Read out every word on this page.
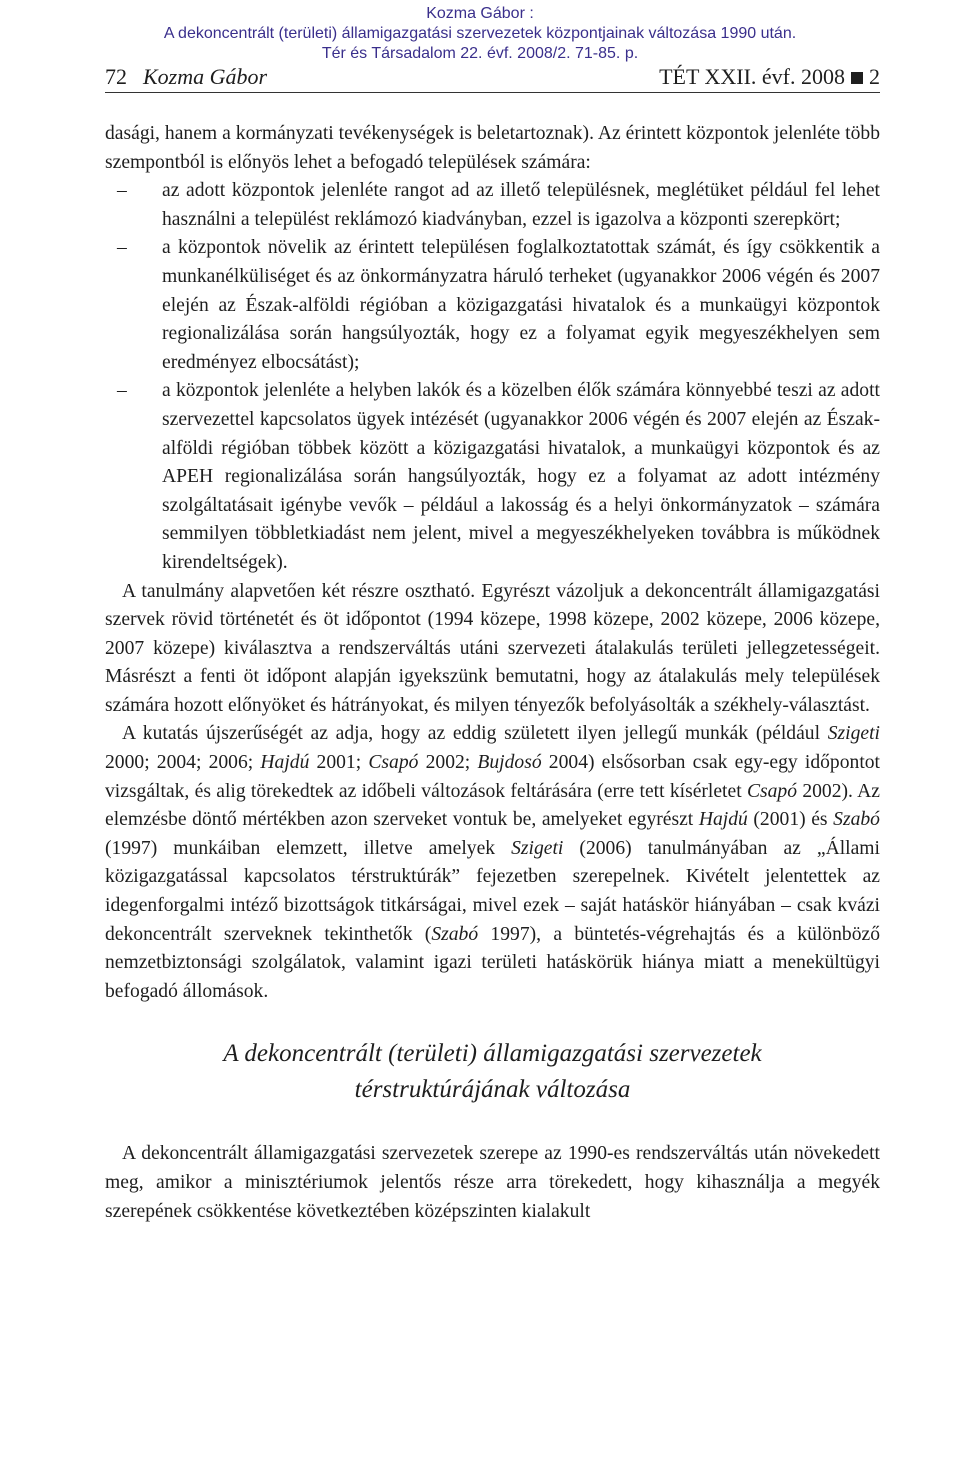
Kozma Gábor :
A dekoncentrált (területi) államigazgatási szervezetek központjainak változása 1990 után.
Tér és Társadalom 22. évf. 2008/2. 71-85. p.
72 Kozma Gábor	TÉT XXII. évf. 2008 2

dasági, hanem a kormányzati tevékenységek is beletartoznak). Az érintett központok jelenléte több szempontból is előnyös lehet a befogadó települések számára:

– az adott központok jelenléte rangot ad az illető településnek, meglétüket például fel lehet használni a települést reklámozó kiadványban, ezzel is igazolva a központi szerepkört;
– a központok növelik az érintett településen foglalkoztatottak számát, és így csökkentik a munkanélküliséget és az önkormányzatra háruló terheket (ugyanakkor 2006 végén és 2007 elején az Észak-alföldi régióban a közigazgatási hivatalok és a munkaügyi központok regionalizálása során hangsúlyozták, hogy ez a folyamat egyik megyeszékhelyen sem eredményez elbocsátást);
– a központok jelenléte a helyben lakók és a közelben élők számára könnyebbé teszi az adott szervezettel kapcsolatos ügyek intézését (ugyanakkor 2006 végén és 2007 elején az Észak-alföldi régióban többek között a közigazgatási hivatalok, a munkaügyi központok és az APEH regionalizálása során hangsúlyozták, hogy ez a folyamat az adott intézmény szolgáltatásait igénybe vevők – például a lakosság és a helyi önkormányzatok – számára semmilyen többletkiadást nem jelent, mivel a megyeszékhelyeken továbbra is működnek kirendeltségek).

A tanulmány alapvetően két részre osztható. Egyrészt vázoljuk a dekoncentrált államigazgatási szervek rövid történetét és öt időpontot (1994 közepe, 1998 közepe, 2002 közepe, 2006 közepe, 2007 közepe) kiválasztva a rendszerváltás utáni szervezeti átalakulás területi jellegzetességeit. Másrészt a fenti öt időpont alapján igyekszünk bemutatni, hogy az átalakulás mely települések számára hozott előnyöket és hátrányokat, és milyen tényezők befolyásolták a székhely-választást.

A kutatás újszerűségét az adja, hogy az eddig született ilyen jellegű munkák (például Szigeti 2000; 2004; 2006; Hajdú 2001; Csapó 2002; Bujdosó 2004) elsősorban csak egy-egy időpontot vizsgáltak, és alig törekedtek az időbeli változások feltárására (erre tett kísérletet Csapó 2002). Az elemzésbe döntő mértékben azon szerveket vontuk be, amelyeket egyrészt Hajdú (2001) és Szabó (1997) munkáiban elemzett, illetve amelyek Szigeti (2006) tanulmányában az „Állami közigazgatással kapcsolatos térstruktúrák” fejezetben szerepelnek. Kivételt jelentettek az idegenforgalmi intéző bizottságok titkárságai, mivel ezek – saját hatáskör hiányában – csak kvázi dekoncentrált szerveknek tekinthetők (Szabó 1997), a büntetés-végrehajtás és a különböző nemzetbiztonsági szolgálatok, valamint igazi területi hatáskörük hiánya miatt a menekültügyi befogadó állomások.

A dekoncentrált (területi) államigazgatási szervezetek
térstruktúrájának változása

A dekoncentrált államigazgatási szervezetek szerepe az 1990-es rendszerváltás után növekedett meg, amikor a minisztériumok jelentős része arra törekedett, hogy kihasználja a megyék szerepének csökkentése következtében középszinten kialakult
